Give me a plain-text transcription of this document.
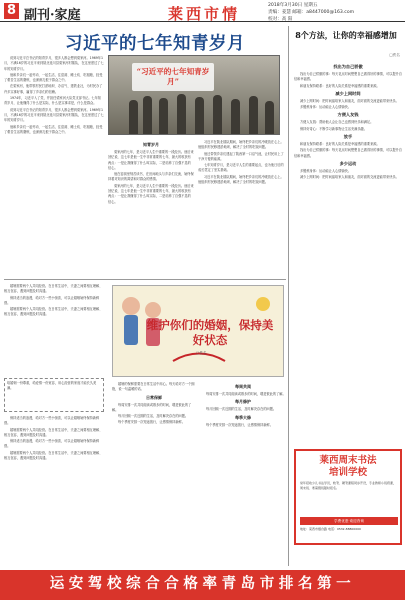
8 副刊·家庭	莱西市情	2018年3月30日 星期五
责编：姜慧 邮箱：a8447000@163.com
校对：高 阳
习近平的七年知青岁月

说到习近平总书记的知青岁月，很多人都会想到梁家河。1969年1月，不满16岁的习近平来到陕北延川县梁家河村插队，在这里度过了七年的知青岁月。

他和乡亲们一起劳动、一起生活，住窑洞、睡土炕、吃粗粮，经受了艰苦生活的磨炼，也深深扎根于群众之中。

在梁家河，他带领村民打淤地坝、办沼气、建铁业社，为村民办了许多实事好事，赢得了乡亲们的信赖。

1974年，习近平入了党，并担任梁家河大队党支部书记。七年知青岁月，让他懂得了什么是实际，什么是实事求是，什么是群众。

说到习近平总书记的知青岁月，很多人都会想到梁家河。1969年1月，不满16岁的习近平来到陕北延川县梁家河村插队，在这里度过了七年的知青岁月。

他和乡亲们一起劳动、一起生活，住窑洞、睡土炕、吃粗粮，经受了艰苦生活的磨炼，也深深扎根于群众之中。

“习近平的七年知青岁月”
知青岁月

梁家河的七年，是习近平人生中重要的一段经历。他后来回忆说，这七年是他一生中非常重要的七年，最大的收获有两点：一是让我懂得了什么叫实际，二是培养了自强不息的信心。

他在窑洞里刻苦读书，在田间地头与乡亲们交流，始终保持着对知识的渴望和对群众的感情。

梁家河的七年，是习近平人生中重要的一段经历。他后来回忆说，这七年是他一生中非常重要的七年，最大的收获有两点：一是让我懂得了什么叫实际，二是培养了自强不息的信心。

习近平在陕北插队期间，始终把乡亲们的冷暖放在心上。他组织村民修建淤地坝，解决了全村的吃饭问题。

他还带领乡亲们建起了陕西第一口沼气池，让村民用上了干净方便的能源。

七年知青岁月，是习近平人生的重要起点，也为他日后的成长奠定了坚实基础。

习近平在陕北插队期间，始终把乡亲们的冷暖放在心上。他组织村民修建淤地坝，解决了全村的吃饭问题。

8个方法，让你的幸福感增加
□佚名
找出为自己骄傲

找出为自己骄傲的事：每天花点时间想想自己做得好的事情，可以提升自信和幸福感。

和朋友保持联系：良好的人际关系是幸福感的重要来源。

减少上网时间

减少上网时间：把时间留给家人和朋友，面对面的交流更能带来快乐。

多锻炼身体：运动能让人心情愉快。

方便人友钱

方便人友钱：帮助他人会让自己也感到快乐和满足。

保持好奇心：不断学习新事物让生活充满乐趣。

放手

和朋友保持联系：良好的人际关系是幸福感的重要来源。

找出为自己骄傲的事：每天花点时间想想自己做得好的事情，可以提升自信和幸福感。

多少运动

多锻炼身体：运动能让人心情愉快。

减少上网时间：把时间留给家人和朋友，面对面的交流更能带来快乐。

婚姻需要两个人共同经营。在日常生活中，夫妻之间要相互理解、相互包容，遇到问题及时沟通。

保持适当的浪漫，给对方一些小惊喜，可以让婚姻始终保持新鲜感。

婚姻需要两个人共同经营。在日常生活中，夫妻之间要相互理解、相互包容，遇到问题及时沟通。

给婚姻一份尊重，给爱情一份宽容，用心经营的家庭才能长久美满。

保持适当的浪漫，给对方一些小惊喜，可以让婚姻始终保持新鲜感。

婚姻需要两个人共同经营。在日常生活中，夫妻之间要相互理解、相互包容，遇到问题及时沟通。

保持适当的浪漫，给对方一些小惊喜，可以让婚姻始终保持新鲜感。

婚姻需要两个人共同经营。在日常生活中，夫妻之间要相互理解、相互包容，遇到问题及时沟通。

维护你们的婚姻，保持美好状态
□佚名

婚姻的保鲜需要在日常生活中用心。每天给对方一个拥抱，说一句温暖的话。

日常保鲜

每周安排一次共同阅读或散步的时间，增进彼此的了解。

每月回顾一次近期的生活，及时解决存在的问题。

每个季度安排一次短途旅行，让感情保持新鲜。

每周共阅

每周安排一次共同阅读或散步的时间，增进彼此的了解。

每月修护

每月回顾一次近期的生活，及时解决存在的问题。

每季大修

每个季度安排一次短途旅行，让感情保持新鲜。

莱西周末书法
培训学校
常年招收少儿书法学员，软笔、硬笔课程同步开设，专业教师小班授课，周末班、寒暑假班随时报名。
学费优惠·欢迎咨询
地址：莱西市烟台路 电话：0532-88800000
运安驾校综合合格率青岛市排名第一
